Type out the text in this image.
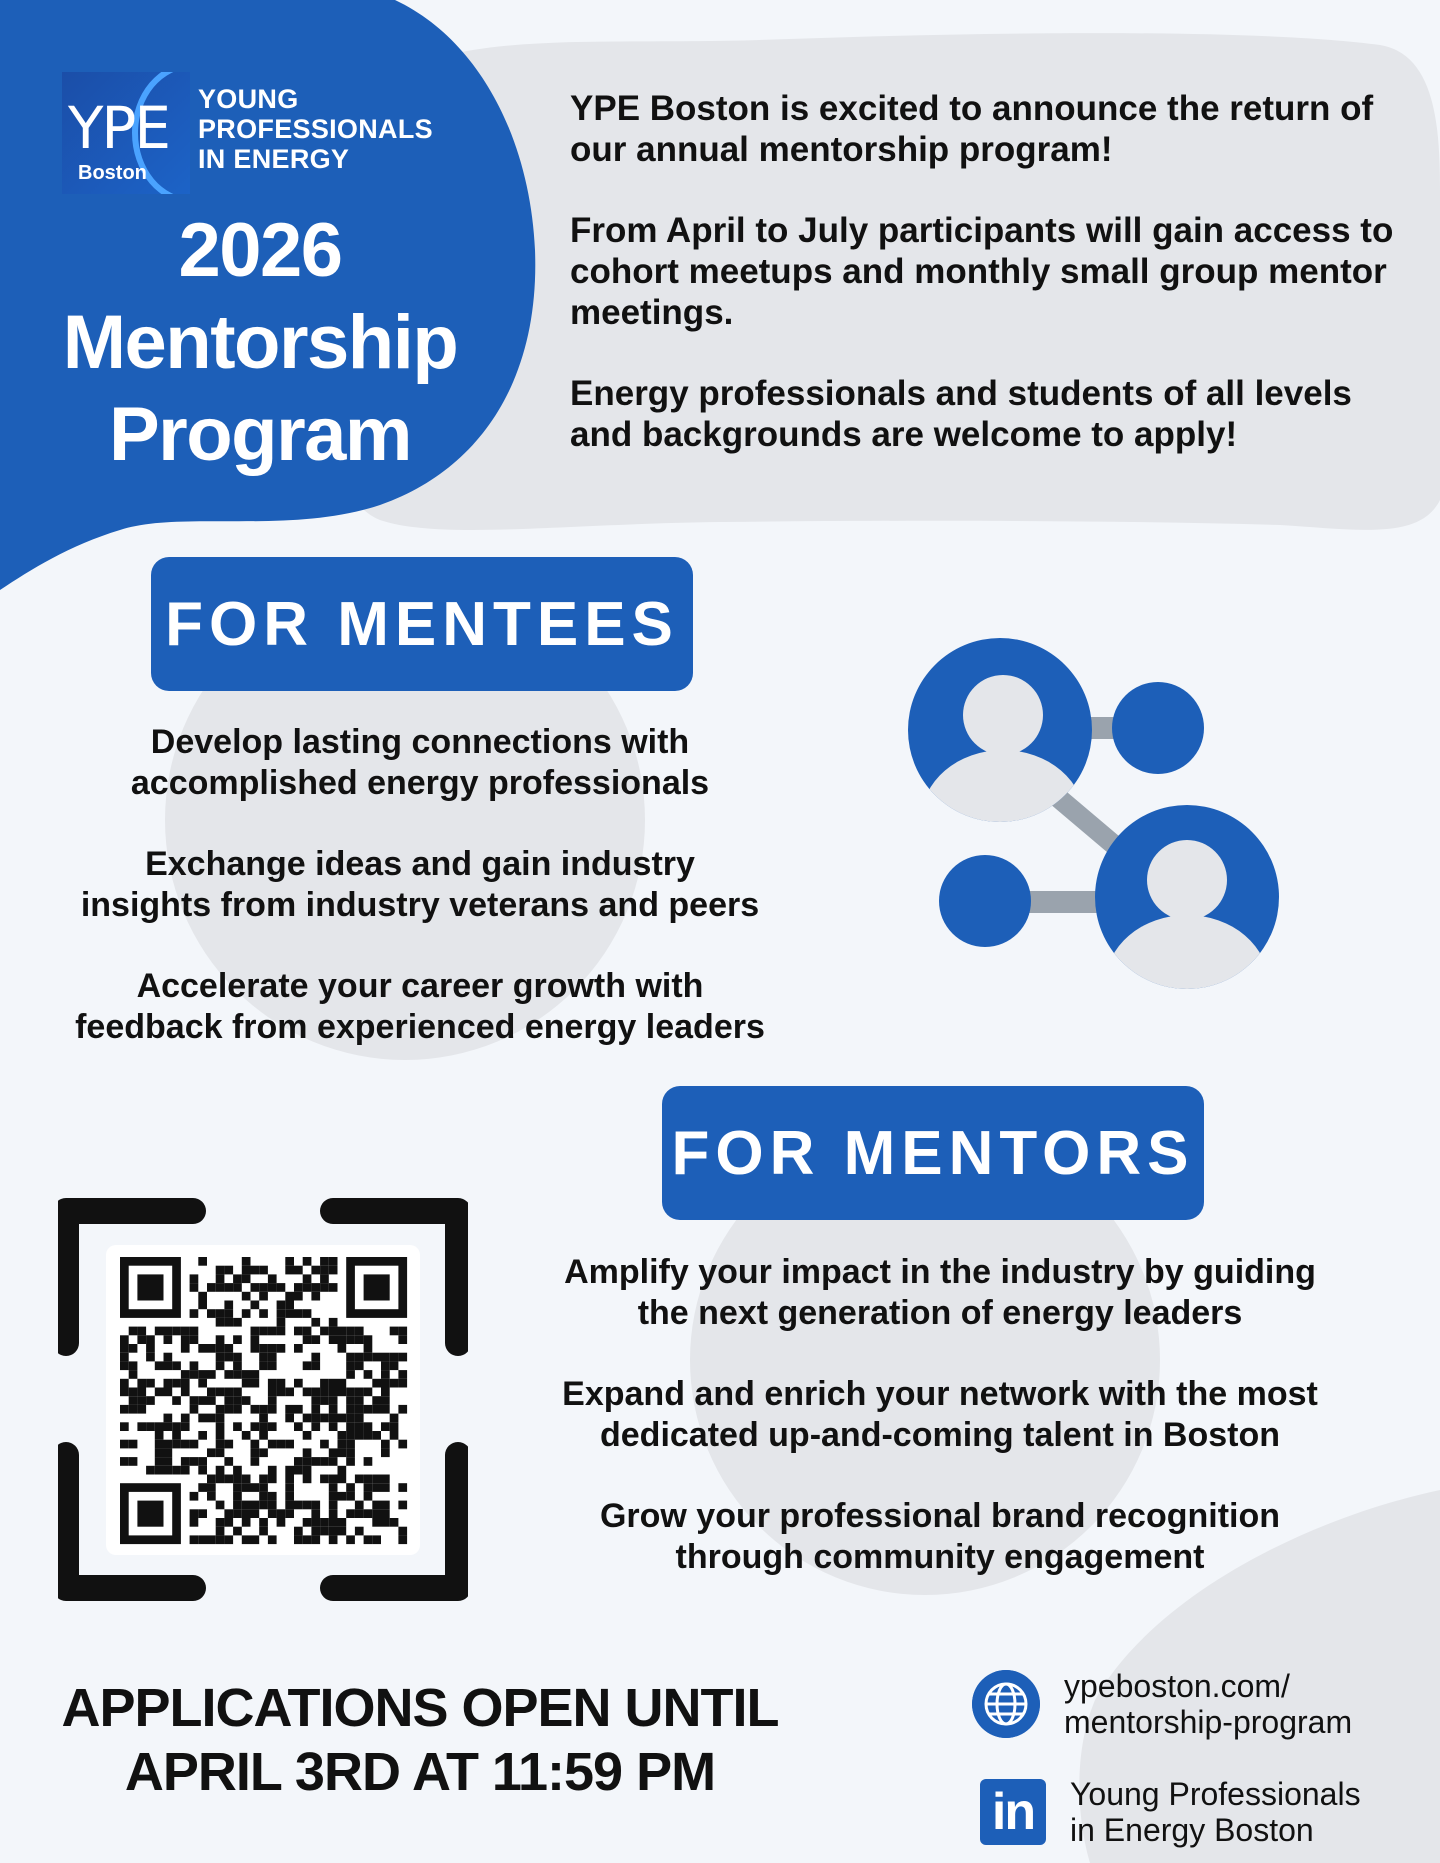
YPE
Boston
YOUNG
PROFESSIONALS
IN ENERGY
2026
Mentorship
Program

YPE Boston is excited to announce the return of our annual mentorship program!

From April to July participants will gain access to cohort meetups and monthly small group mentor meetings.

Energy professionals and students of all levels and backgrounds are welcome to apply!

FOR MENTEES

Develop lasting connections with
accomplished energy professionals

Exchange ideas and gain industry
insights from industry veterans and peers

Accelerate your career growth with
feedback from experienced energy leaders

FOR MENTORS

Amplify your impact in the industry by guiding
the next generation of energy leaders

Expand and enrich your network with the most
dedicated up-and-coming talent in Boston

Grow your professional brand recognition
through community engagement

APPLICATIONS OPEN UNTIL
APRIL 3RD AT 11:59 PM
ypeboston.com/
mentorship-program
in	Young Professionals
in Energy Boston
